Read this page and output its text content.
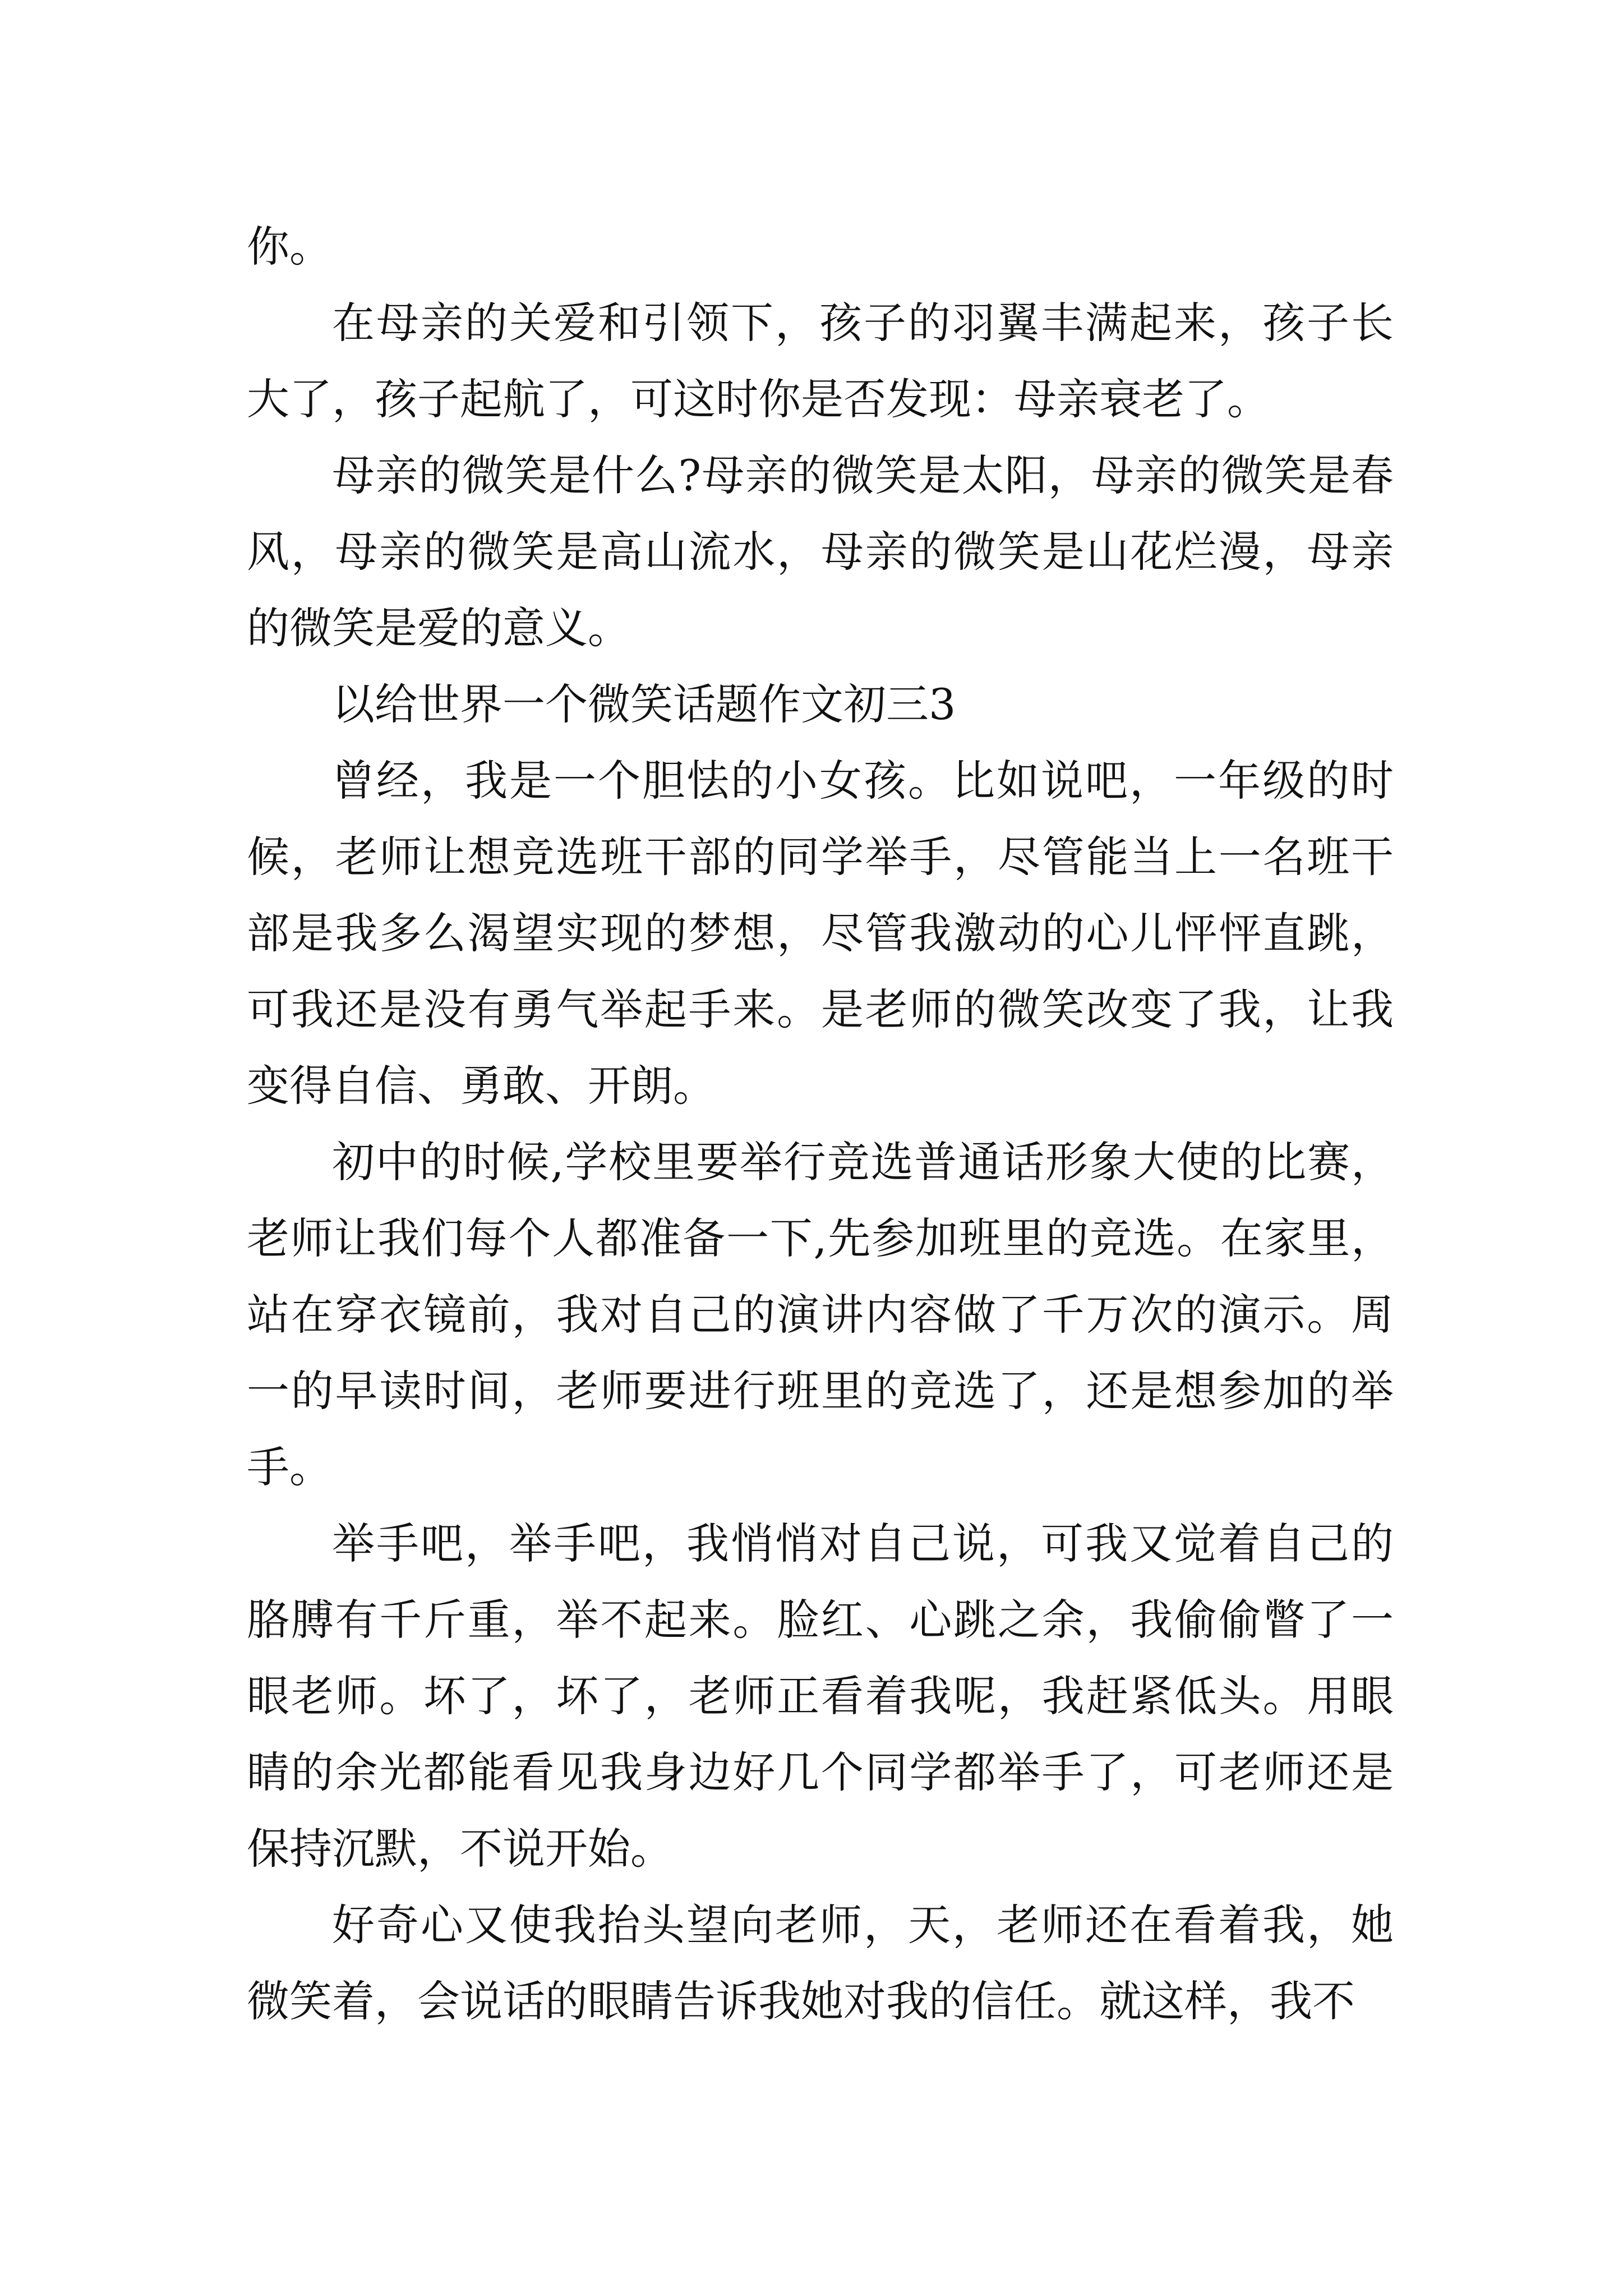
你。

在母亲的关爱和引领下，孩子的羽翼丰满起来，孩子长大了，孩子起航了，可这时你是否发现：母亲衰老了。

母亲的微笑是什么?母亲的微笑是太阳，母亲的微笑是春风，母亲的微笑是高山流水，母亲的微笑是山花烂漫，母亲的微笑是爱的意义。

以给世界一个微笑话题作文初三3

曾经，我是一个胆怯的小女孩。比如说吧，一年级的时候，老师让想竞选班干部的同学举手，尽管能当上一名班干部是我多么渴望实现的梦想，尽管我激动的心儿怦怦直跳，可我还是没有勇气举起手来。是老师的微笑改变了我，让我变得自信、勇敢、开朗。

初中的时候,学校里要举行竞选普通话形象大使的比赛，老师让我们每个人都准备一下,先参加班里的竞选。在家里，站在穿衣镜前，我对自己的演讲内容做了千万次的演示。周一的早读时间，老师要进行班里的竞选了，还是想参加的举手。

举手吧，举手吧，我悄悄对自己说，可我又觉着自己的胳膊有千斤重，举不起来。脸红、心跳之余，我偷偷瞥了一眼老师。坏了，坏了，老师正看着我呢，我赶紧低头。用眼睛的余光都能看见我身边好几个同学都举手了，可老师还是保持沉默，不说开始。

好奇心又使我抬头望向老师，天，老师还在看着我，她微笑着，会说话的眼睛告诉我她对我的信任。就这样，我不
